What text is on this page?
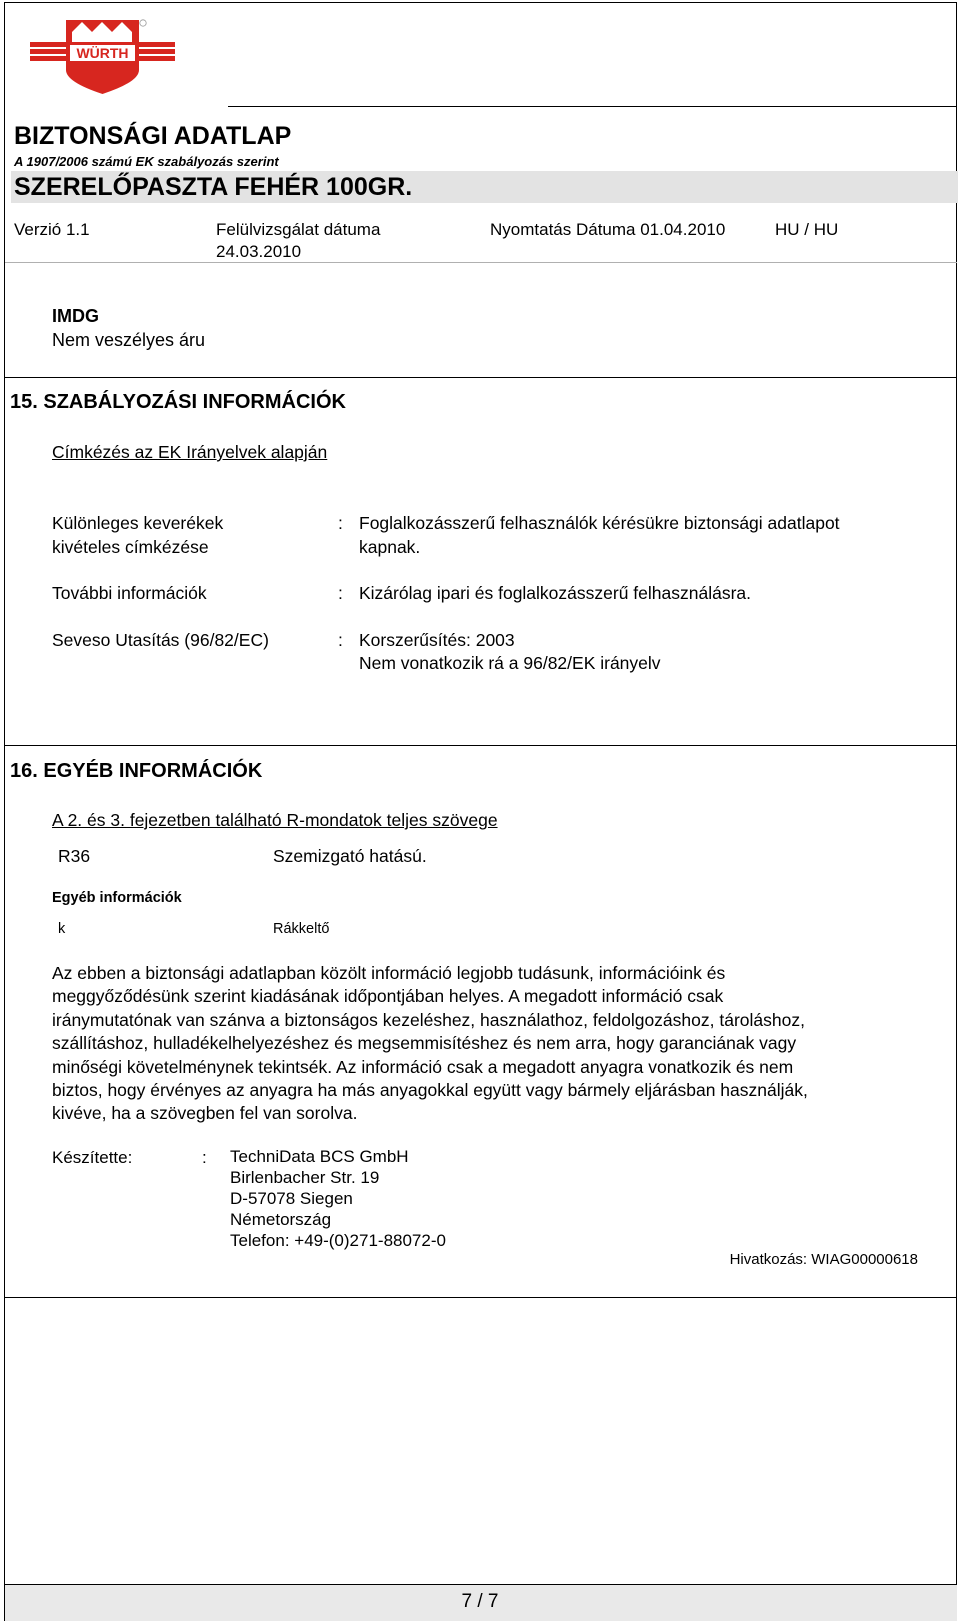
WÜRTH
BIZTONSÁGI ADATLAP
A 1907/2006 számú EK szabályozás szerint
SZERELŐPASZTA FEHÉR 100GR.
Verzió 1.1	Felülvizsgálat dátuma
24.03.2010
Nyomtatás Dátuma 01.04.2010	HU / HU
IMDG
Nem veszélyes áru
15. SZABÁLYOZÁSI INFORMÁCIÓK
Címkézés az EK Irányelvek alapján
Különleges keverékek
kivételes címkézése
: Foglalkozásszerű felhasználók kérésükre biztonsági adatlapot
kapnak.
További információk	: Kizárólag ipari és foglalkozásszerű felhasználásra.
Seveso Utasítás (96/82/EC)	: Korszerűsítés: 2003
Nem vonatkozik rá a 96/82/EK irányelv
16. EGYÉB INFORMÁCIÓK
A 2. és 3. fejezetben található R-mondatok teljes szövege
R36	Szemizgató hatású.
Egyéb információk
k	Rákkeltő
Az ebben a biztonsági adatlapban közölt információ legjobb tudásunk, információink és
meggyőződésünk szerint kiadásának időpontjában helyes. A megadott információ csak
iránymutatónak van szánva a biztonságos kezeléshez, használathoz, feldolgozáshoz, tároláshoz,
szállításhoz, hulladékelhelyezéshez és megsemmisítéshez és nem arra, hogy garanciának vagy
minőségi követelménynek tekintsék. Az információ csak a megadott anyagra vonatkozik és nem
biztos, hogy érvényes az anyagra ha más anyagokkal együtt vagy bármely eljárásban használják,
kivéve, ha a szövegben fel van sorolva.
Készítette:	: TechniData BCS GmbH
Birlenbacher Str. 19
D-57078 Siegen
Németország
Telefon: +49-(0)271-88072-0
Hivatkozás: WIAG00000618
7 / 7
